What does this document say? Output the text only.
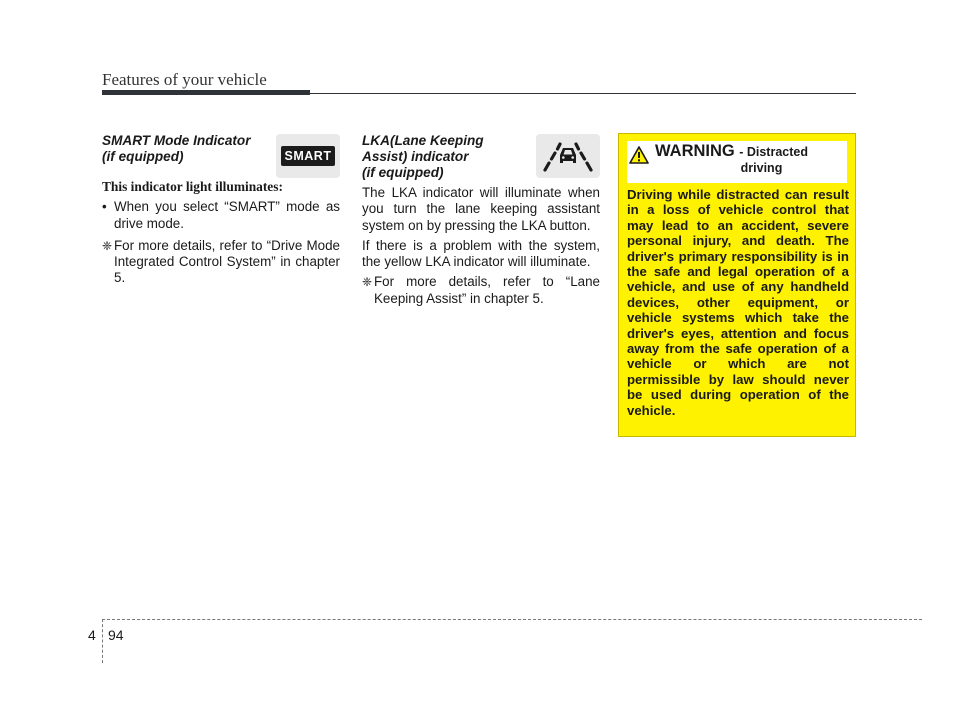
Features of your vehicle
SMART Mode Indicator
(if equipped)
This indicator light illuminates:
• When you select “SMART” mode as drive mode.
❈ For more details, refer to “Drive Mode Integrated Control System” in chapter 5.
SMART
LKA(Lane Keeping
Assist) indicator
(if equipped)

The LKA indicator will illuminate when you turn the lane keeping assistant system on by pressing the LKA button.

If there is a problem with the system, the yellow LKA indicator will illuminate.

❈ For more details, refer to “Lane Keeping Assist” in chapter 5.
WARNING - Distracted
driving
Driving while distracted can result in a loss of vehicle control that may lead to an accident, severe personal injury, and death. The driver's primary responsibility is in the safe and legal operation of a vehicle, and use of any handheld devices, other equipment, or vehicle systems which take the driver's eyes, attention and focus away from the safe operation of a vehicle or which are not permissible by law should never be used during operation of the vehicle.
4 94
